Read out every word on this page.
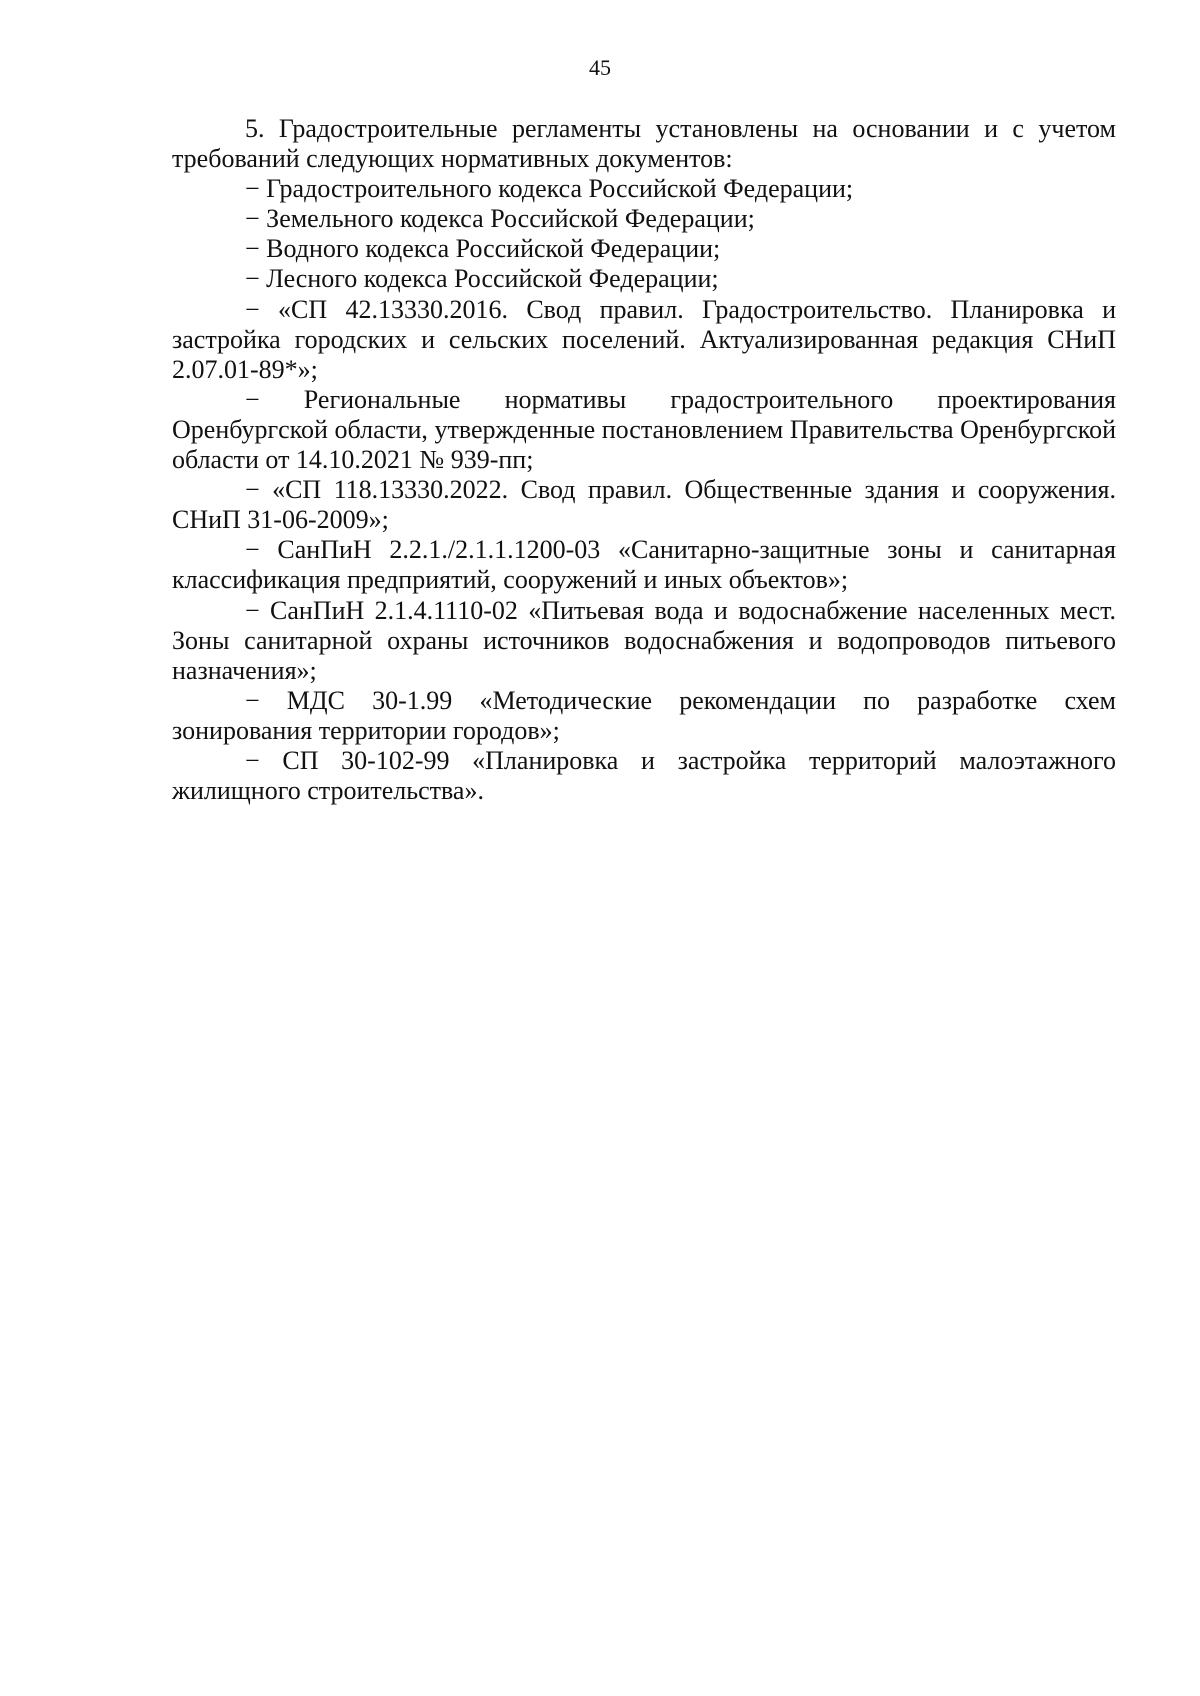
45

5. Градостроительные регламенты установлены на основании и с учетом требований следующих нормативных документов:

− Градостроительного кодекса Российской Федерации;

− Земельного кодекса Российской Федерации;

− Водного кодекса Российской Федерации;

− Лесного кодекса Российской Федерации;

− «СП 42.13330.2016. Свод правил. Градостроительство. Планировка и застройка городских и сельских поселений. Актуализированная редакция СНиП 2.07.01-89*»;

− Региональные нормативы градостроительного проектирования Оренбургской области, утвержденные постановлением Правительства Оренбургской области от 14.10.2021 № 939-пп;

− «СП 118.13330.2022. Свод правил. Общественные здания и сооружения. СНиП 31-06-2009»;

− СанПиН 2.2.1./2.1.1.1200-03 «Санитарно-защитные зоны и санитарная классификация предприятий, сооружений и иных объектов»;

− СанПиН 2.1.4.1110-02 «Питьевая вода и водоснабжение населенных мест. Зоны санитарной охраны источников водоснабжения и водопроводов питьевого назначения»;

− МДС 30-1.99 «Методические рекомендации по разработке схем зонирования территории городов»;

− СП 30-102-99 «Планировка и застройка территорий малоэтажного жилищного строительства».
